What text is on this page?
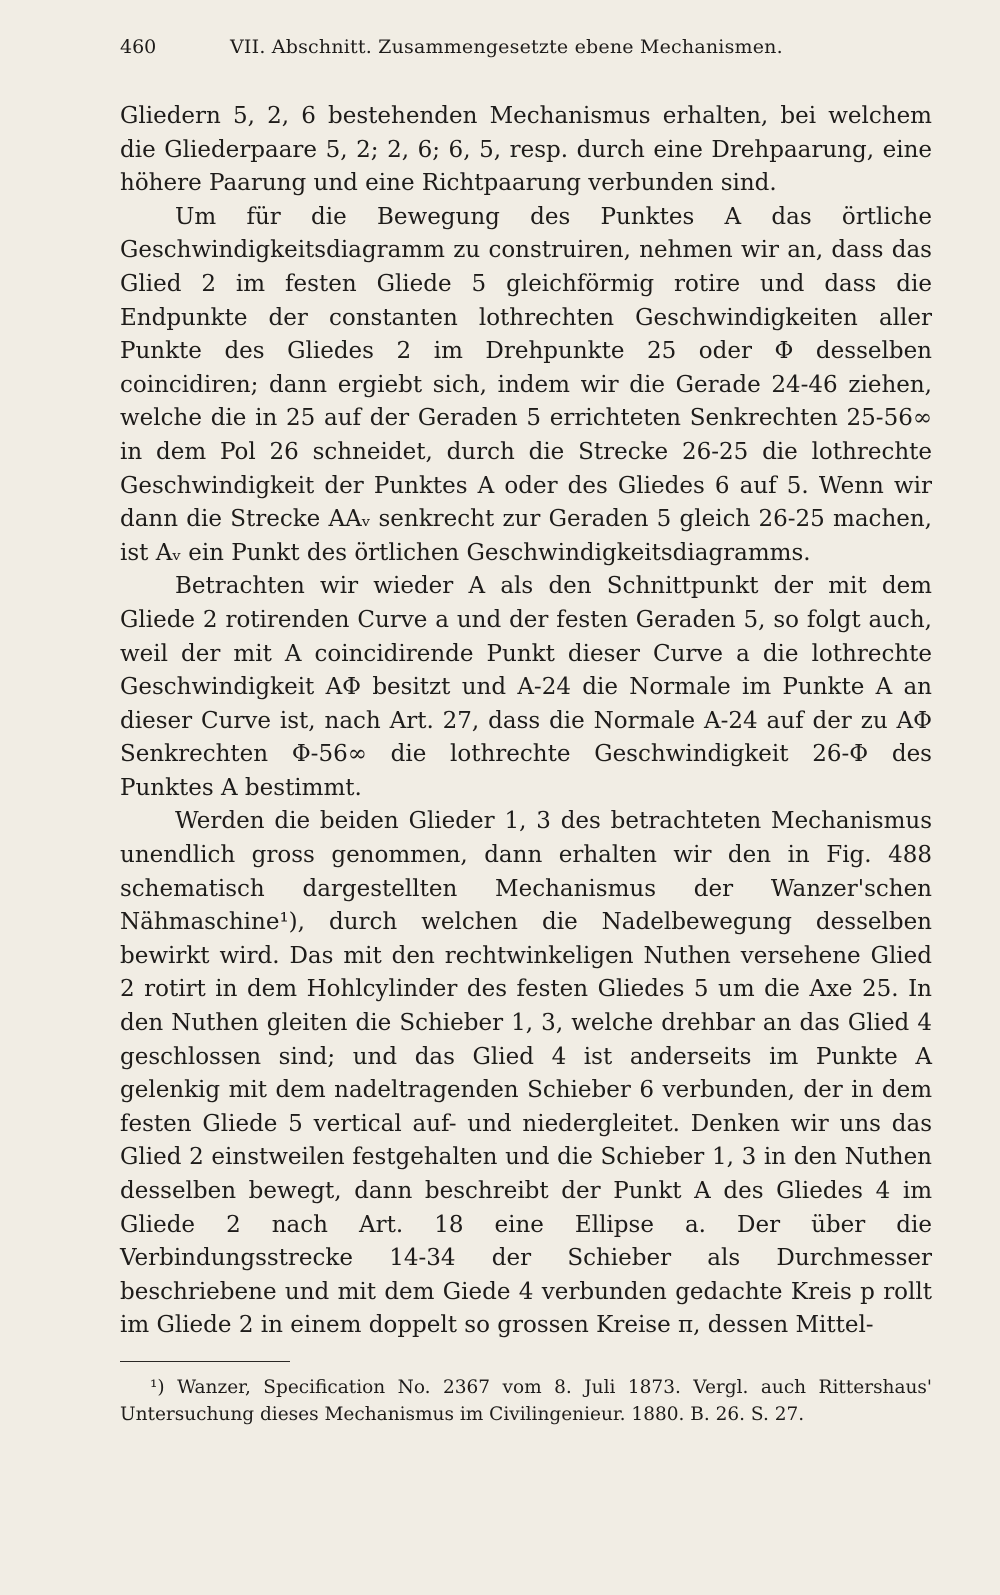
460	VII. Abschnitt. Zusammengesetzte ebene Mechanismen.

Gliedern 5, 2, 6 bestehenden Mechanismus erhalten, bei welchem die Gliederpaare 5, 2; 2, 6; 6, 5, resp. durch eine Drehpaarung, eine höhere Paarung und eine Richtpaarung verbunden sind.

Um für die Bewegung des Punktes A das örtliche Geschwindigkeitsdiagramm zu construiren, nehmen wir an, dass das Glied 2 im festen Gliede 5 gleichförmig rotire und dass die Endpunkte der constanten lothrechten Geschwindigkeiten aller Punkte des Gliedes 2 im Drehpunkte 25 oder Φ desselben coincidiren; dann ergiebt sich, indem wir die Gerade 24-46 ziehen, welche die in 25 auf der Geraden 5 errichteten Senkrechten 25-56∞ in dem Pol 26 schneidet, durch die Strecke 26-25 die lothrechte Geschwindigkeit der Punktes A oder des Gliedes 6 auf 5. Wenn wir dann die Strecke AAᵥ senkrecht zur Geraden 5 gleich 26-25 machen, ist Aᵥ ein Punkt des örtlichen Geschwindigkeitsdiagramms.

Betrachten wir wieder A als den Schnittpunkt der mit dem Gliede 2 rotirenden Curve a und der festen Geraden 5, so folgt auch, weil der mit A coincidirende Punkt dieser Curve a die lothrechte Geschwindigkeit AΦ besitzt und A-24 die Normale im Punkte A an dieser Curve ist, nach Art. 27, dass die Normale A-24 auf der zu AΦ Senkrechten Φ-56∞ die lothrechte Geschwindigkeit 26-Φ des Punktes A bestimmt.

Werden die beiden Glieder 1, 3 des betrachteten Mechanismus unendlich gross genommen, dann erhalten wir den in Fig. 488 schematisch dargestellten Mechanismus der Wanzer'schen Nähmaschine¹), durch welchen die Nadelbewegung desselben bewirkt wird. Das mit den rechtwinkeligen Nuthen versehene Glied 2 rotirt in dem Hohlcylinder des festen Gliedes 5 um die Axe 25. In den Nuthen gleiten die Schieber 1, 3, welche drehbar an das Glied 4 geschlossen sind; und das Glied 4 ist anderseits im Punkte A gelenkig mit dem nadeltragenden Schieber 6 verbunden, der in dem festen Gliede 5 vertical auf- und niedergleitet. Denken wir uns das Glied 2 einstweilen festgehalten und die Schieber 1, 3 in den Nuthen desselben bewegt, dann beschreibt der Punkt A des Gliedes 4 im Gliede 2 nach Art. 18 eine Ellipse a. Der über die Verbindungsstrecke 14-34 der Schieber als Durchmesser beschriebene und mit dem Giede 4 verbunden gedachte Kreis p rollt im Gliede 2 in einem doppelt so grossen Kreise π, dessen Mittel-

¹) Wanzer, Specification No. 2367 vom 8. Juli 1873. Vergl. auch Rittershaus' Untersuchung dieses Mechanismus im Civilingenieur. 1880. B. 26. S. 27.
